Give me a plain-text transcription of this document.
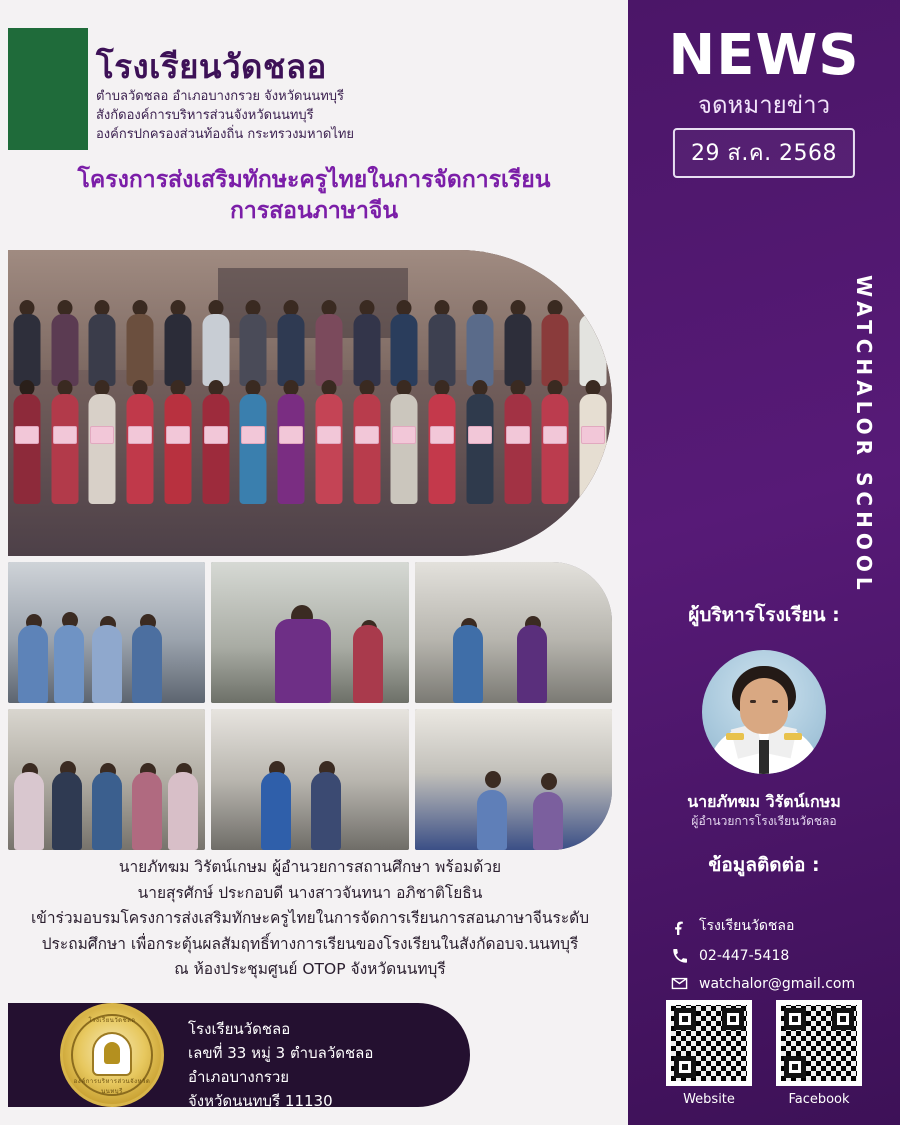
NEWS
จดหมายข่าว
29 ส.ค. 2568
WATCHALOR SCHOOL
ผู้บริหารโรงเรียน :
นายภัทฆม วิรัตน์เกษม
ผู้อำนวยการโรงเรียนวัดชลอ
ข้อมูลติดต่อ :
โรงเรียนวัดชลอ
02-447-5418
watchalor@gmail.com
Website	Facebook
โรงเรียนวัดชลอ
ตำบลวัดชลอ อำเภอบางกรวย จังหวัดนนทบุรี
สังกัดองค์การบริหารส่วนจังหวัดนนทบุรี
องค์กรปกครองส่วนท้องถิ่น กระทรวงมหาดไทย
โครงการส่งเสริมทักษะครูไทยในการจัดการเรียน
การสอนภาษาจีน

นายภัทฆม วิรัตน์เกษม ผู้อำนวยการสถานศึกษา พร้อมด้วย

นายสุรศักษ์ ประกอบดี นางสาวจันทนา อภิชาติโยธิน

เข้าร่วมอบรมโครงการส่งเสริมทักษะครูไทยในการจัดการเรียนการสอนภาษาจีนระดับ

ประถมศึกษา เพื่อกระตุ้นผลสัมฤทธิ์ทางการเรียนของโรงเรียนในสังกัดอบจ.นนทบุรี

ณ ห้องประชุมศูนย์ OTOP จังหวัดนนทบุรี

โรงเรียนวัดชลอ
องค์การบริหารส่วนจังหวัดนนทบุรี
โรงเรียนวัดชลอ
เลขที่ 33 หมู่ 3 ตำบลวัดชลอ
อำเภอบางกรวย
จังหวัดนนทบุรี 11130
